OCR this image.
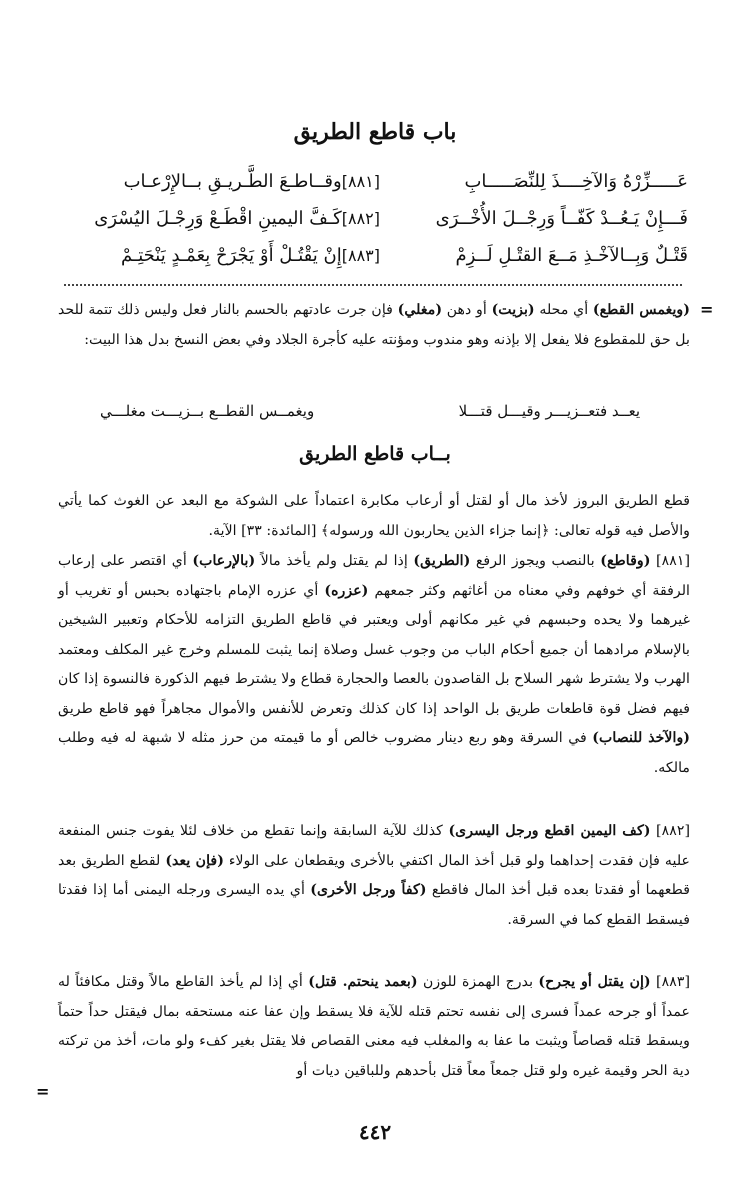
باب قاطع الطريق
[٨٨١]وقــاطـعَ الطَّـريـقِ بــالإِرْعـاب	عَـــــزِّرْهُ وَالآخِــــذَ لِلنِّصَـــــابِ
[٨٨٢]كَـفَّ اليمينِ اقْطَـعْ وَرِجْـلَ اليُسْرَى	فَـــإِنْ يَـعُــدْ كَفّــاً وَرِجْــلَ الأُخْــرَى
[٨٨٣]إِنْ يَقْتُـلْ أَوْ يَجْرَحْ بِعَمْـدٍ يَنْحَتِـمْ	قَتْـلٌ وَبِــالآخْـذِ مَــعَ القتْـلِ لَــزِمْ
=
(ويغمس القطع) أي محله (بزيت) أو دهن (مغلي) فإن جرت عادتهم بالحسم بالنار فعل وليس ذلك تتمة للحد بل حق للمقطوع فلا يفعل إلا بإذنه وهو مندوب ومؤنته عليه كأجرة الجلاد وفي بعض النسخ بدل هذا البيت:
ويغمــس القطــع بــزيـــت مغلـــي	يعــد فتعــزيـــر وقيـــل قتـــلا
بــاب قاطع الطريق
قطع الطريق البروز لأخذ مال أو لقتل أو أرعاب مكابرة اعتماداً على الشوكة مع البعد عن الغوث كما يأتي والأصل فيه قوله تعالى: ﴿إنما جزاء الذين يحاربون الله ورسوله﴾ [المائدة: ٣٣] الآية.
[٨٨١] (وقاطع) بالنصب ويجوز الرفع (الطريق) إذا لم يقتل ولم يأخذ مالاً (بالإرعاب) أي اقتصر على إرعاب الرفقة أي خوفهم وفي معناه من أغاثهم وكثر جمعهم (عزره) أي عزره الإمام باجتهاده بحبس أو تغريب أو غيرهما ولا يحده وحبسهم في غير مكانهم أولى ويعتبر في قاطع الطريق التزامه للأحكام وتعبير الشيخين بالإسلام مرادهما أن جميع أحكام الباب من وجوب غسل وصلاة إنما يثبت للمسلم وخرج غير المكلف ومعتمد الهرب ولا يشترط شهر السلاح بل القاصدون بالعصا والحجارة قطاع ولا يشترط فيهم الذكورة فالنسوة إذا كان فيهم فضل قوة قاطعات طريق بل الواحد إذا كان كذلك وتعرض للأنفس والأموال مجاهراً فهو قاطع طريق (والآخذ للنصاب) في السرقة وهو ربع دينار مضروب خالص أو ما قيمته من حرز مثله لا شبهة له فيه وطلب مالكه.
[٨٨٢] (كف اليمين اقطع ورجل اليسرى) كذلك للآية السابقة وإنما تقطع من خلاف لئلا يفوت جنس المنفعة عليه فإن فقدت إحداهما ولو قبل أخذ المال اكتفي بالأخرى ويقطعان على الولاء (فإن يعد) لقطع الطريق بعد قطعهما أو فقدتا بعده قبل أخذ المال فاقطع (كفاً ورجل الأخرى) أي يده اليسرى ورجله اليمنى أما إذا فقدتا فيسقط القطع كما في السرقة.
[٨٨٣] (إن يقتل أو يجرح) بدرج الهمزة للوزن (بعمد ينحتم. قتل) أي إذا لم يأخذ القاطع مالاً وقتل مكافئاً له عمداً أو جرحه عمداً فسرى إلى نفسه تحتم قتله للآية فلا يسقط وإن عفا عنه مستحقه بمال فيقتل حداً حتماً ويسقط قتله قصاصاً ويثبت ما عفا به والمغلب فيه معنى القصاص فلا يقتل بغير كفء ولو مات، أخذ من تركته دية الحر وقيمة غيره ولو قتل جمعاً معاً قتل بأحدهم وللباقين ديات أو
=
٤٤٢
